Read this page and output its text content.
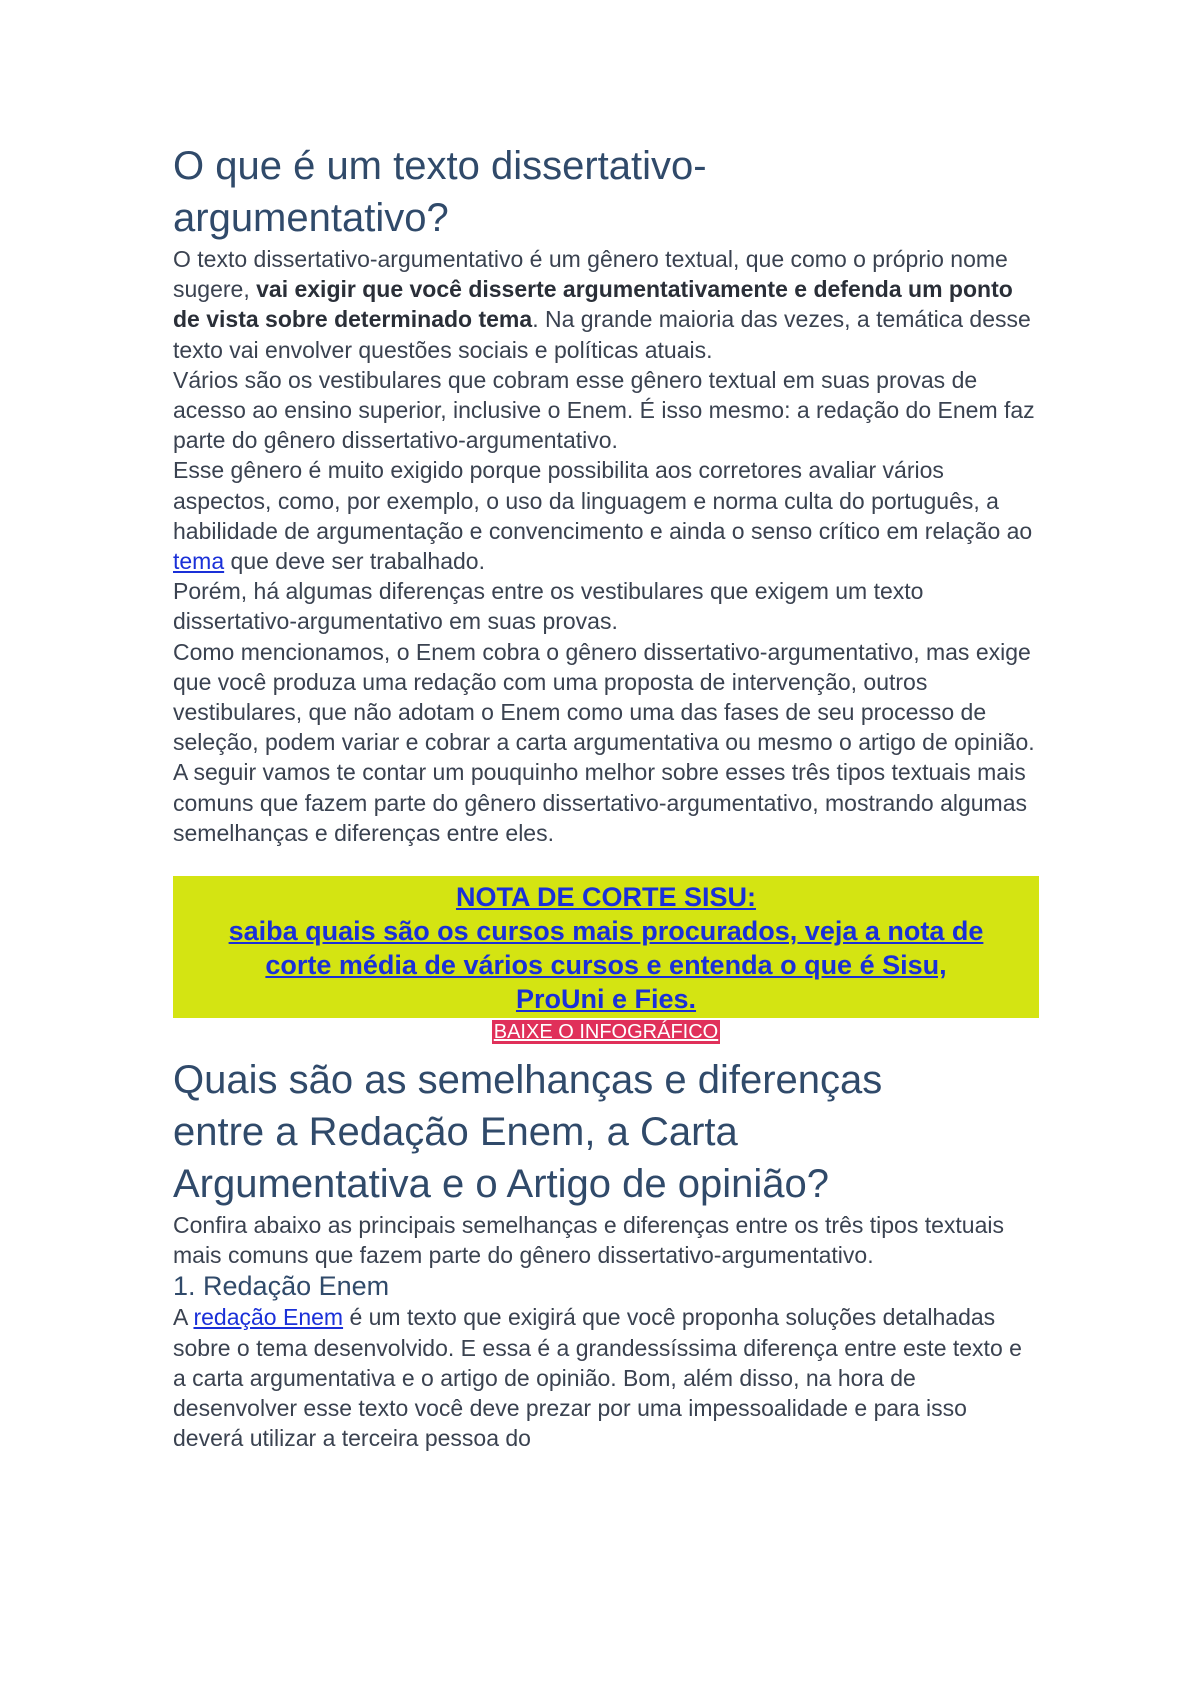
O que é um texto dissertativo-
argumentativo?

O texto dissertativo-argumentativo é um gênero textual, que como o próprio nome sugere, vai exigir que você disserte argumentativamente e defenda um ponto de vista sobre determinado tema. Na grande maioria das vezes, a temática desse texto vai envolver questões sociais e políticas atuais.

Vários são os vestibulares que cobram esse gênero textual em suas provas de acesso ao ensino superior, inclusive o Enem. É isso mesmo: a redação do Enem faz parte do gênero dissertativo-argumentativo.

Esse gênero é muito exigido porque possibilita aos corretores avaliar vários aspectos, como, por exemplo, o uso da linguagem e norma culta do português, a habilidade de argumentação e convencimento e ainda o senso crítico em relação ao tema que deve ser trabalhado.

Porém, há algumas diferenças entre os vestibulares que exigem um texto dissertativo-argumentativo em suas provas.

Como mencionamos, o Enem cobra o gênero dissertativo-argumentativo, mas exige que você produza uma redação com uma proposta de intervenção, outros vestibulares, que não adotam o Enem como uma das fases de seu processo de seleção, podem variar e cobrar a carta argumentativa ou mesmo o artigo de opinião.

A seguir vamos te contar um pouquinho melhor sobre esses três tipos textuais mais comuns que fazem parte do gênero dissertativo-argumentativo, mostrando algumas semelhanças e diferenças entre eles.

NOTA DE CORTE SISU:
saiba quais são os cursos mais procurados, veja a nota de
corte média de vários cursos e entenda o que é Sisu,
ProUni e Fies.
BAIXE O INFOGRÁFICO
Quais são as semelhanças e diferenças
entre a Redação Enem, a Carta
Argumentativa e o Artigo de opinião?

Confira abaixo as principais semelhanças e diferenças entre os três tipos textuais mais comuns que fazem parte do gênero dissertativo-argumentativo.

1. Redação Enem

A redação Enem é um texto que exigirá que você proponha soluções detalhadas sobre o tema desenvolvido. E essa é a grandessíssima diferença entre este texto e a carta argumentativa e o artigo de opinião. Bom, além disso, na hora de desenvolver esse texto você deve prezar por uma impessoalidade e para isso deverá utilizar a terceira pessoa do
